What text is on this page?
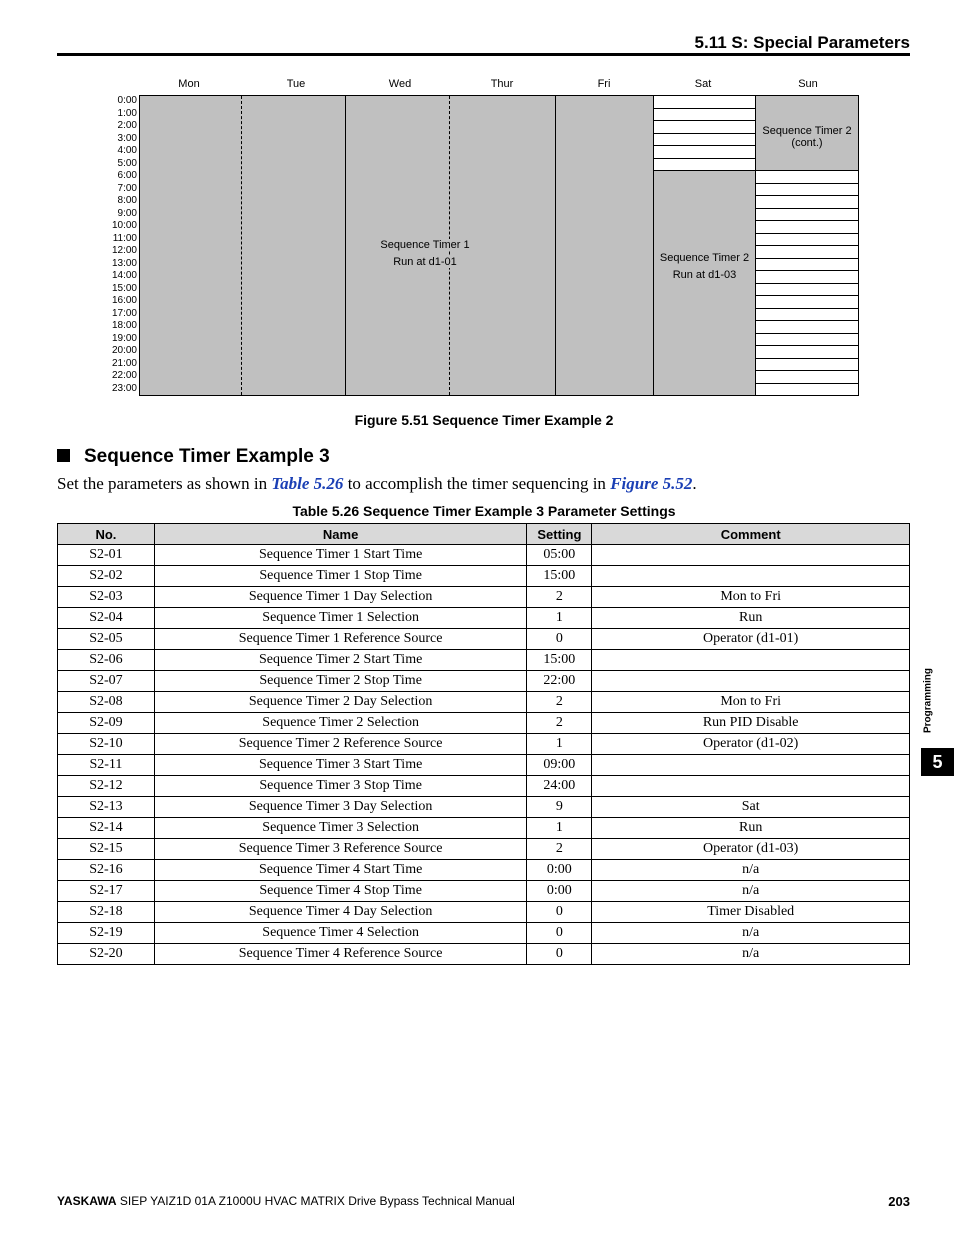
5.11 S: Special Parameters
Mon	Tue	Wed	Thur	Fri	Sat	Sun
0:00
1:00
2:00
3:00
4:00
5:00
6:00
7:00
8:00
9:00
10:00
11:00
12:00
13:00
14:00
15:00
16:00
17:00
18:00
19:00
20:00
21:00
22:00
23:00
Sequence Timer 1
Run at d1-01	Sequence Timer 2
Run at d1-03
Sequence Timer 2
(cont.)
Figure 5.51 Sequence Timer Example 2
Sequence Timer Example 3
Set the parameters as shown in Table 5.26 to accomplish the timer sequencing in Figure 5.52.
Table 5.26 Sequence Timer Example 3 Parameter Settings
No.	Name	Setting	Comment
S2-01	Sequence Timer 1 Start Time	05:00	
S2-02	Sequence Timer 1 Stop Time	15:00	
S2-03	Sequence Timer 1 Day Selection	2	Mon to Fri
S2-04	Sequence Timer 1 Selection	1	Run
S2-05	Sequence Timer 1 Reference Source	0	Operator (d1-01)
S2-06	Sequence Timer 2 Start Time	15:00	
S2-07	Sequence Timer 2 Stop Time	22:00	
S2-08	Sequence Timer 2 Day Selection	2	Mon to Fri
S2-09	Sequence Timer 2 Selection	2	Run PID Disable
S2-10	Sequence Timer 2 Reference Source	1	Operator (d1-02)
S2-11	Sequence Timer 3 Start Time	09:00	
S2-12	Sequence Timer 3 Stop Time	24:00	
S2-13	Sequence Timer 3 Day Selection	9	Sat
S2-14	Sequence Timer 3 Selection	1	Run
S2-15	Sequence Timer 3 Reference Source	2	Operator (d1-03)
S2-16	Sequence Timer 4 Start Time	0:00	n/a
S2-17	Sequence Timer 4 Stop Time	0:00	n/a
S2-18	Sequence Timer 4 Day Selection	0	Timer Disabled
S2-19	Sequence Timer 4 Selection	0	n/a
S2-20	Sequence Timer 4 Reference Source	0	n/a
Programming
5
YASKAWA SIEP YAIZ1D 01A Z1000U HVAC MATRIX Drive Bypass Technical Manual	203
